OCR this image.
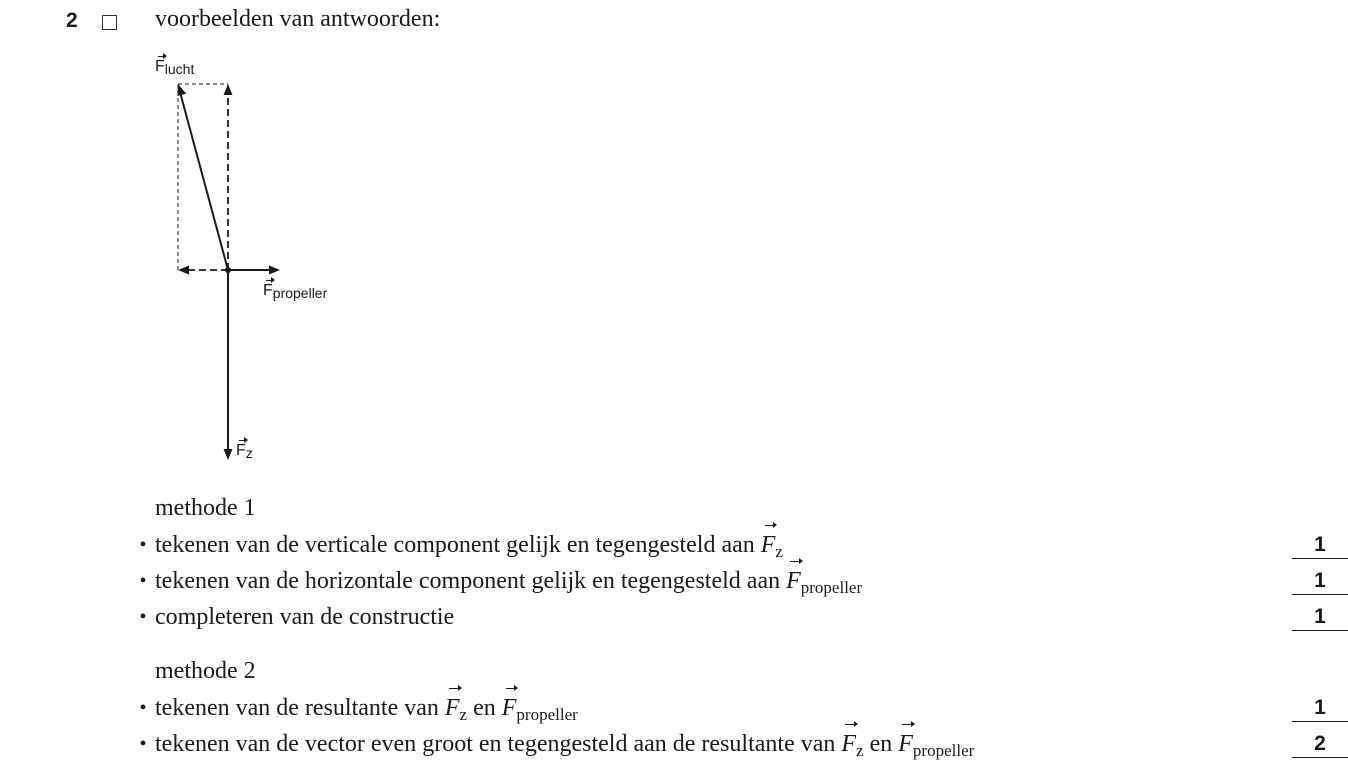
2	voorbeelden van antwoorden:
$F_{lucht}$
$F_{propeller}$
$F_z$
methode 1
• tekenen van de verticale component gelijk en tegengesteld aan $F_z$	1
• tekenen van de horizontale component gelijk en tegengesteld aan $F_{propeller}$	1
• completeren van de constructie	1
methode 2
• tekenen van de resultante van $F_z$ en $F_{propeller}$	1
• tekenen van de vector even groot en tegengesteld aan de resultante van $F_z$ en $F_{propeller}$	2
